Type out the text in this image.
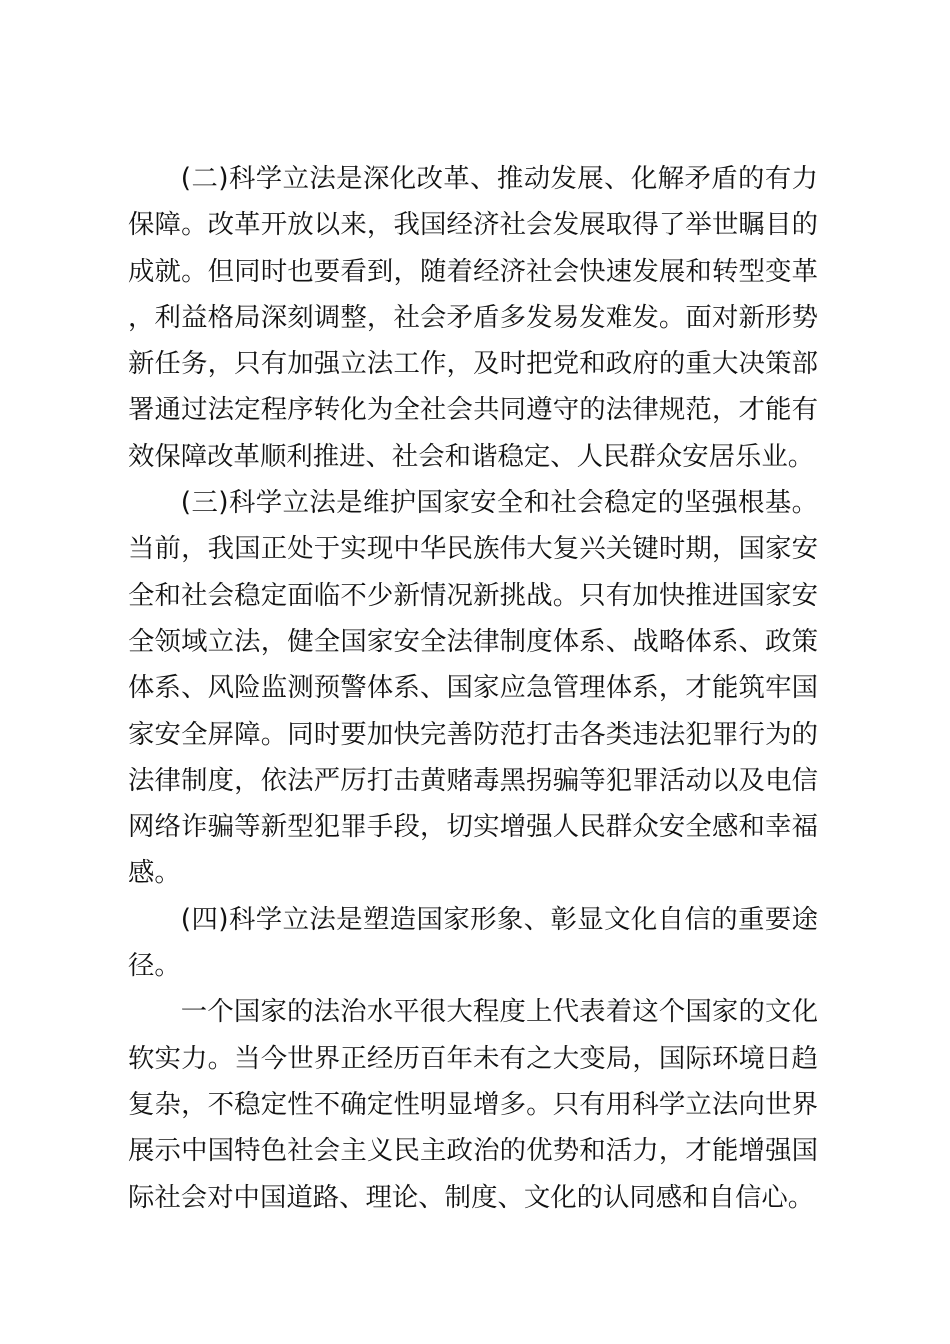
(二)科学立法是深化改革、推动发展、化解矛盾的有力保障。改革开放以来，我国经济社会发展取得了举世瞩目的成就。但同时也要看到，随着经济社会快速发展和转型变革，利益格局深刻调整，社会矛盾多发易发难发。面对新形势新任务，只有加强立法工作，及时把党和政府的重大决策部署通过法定程序转化为全社会共同遵守的法律规范，才能有效保障改革顺利推进、社会和谐稳定、人民群众安居乐业。

(三)科学立法是维护国家安全和社会稳定的坚强根基。当前，我国正处于实现中华民族伟大复兴关键时期，国家安全和社会稳定面临不少新情况新挑战。只有加快推进国家安全领域立法，健全国家安全法律制度体系、战略体系、政策体系、风险监测预警体系、国家应急管理体系，才能筑牢国家安全屏障。同时要加快完善防范打击各类违法犯罪行为的法律制度，依法严厉打击黄赌毒黑拐骗等犯罪活动以及电信网络诈骗等新型犯罪手段，切实增强人民群众安全感和幸福感。

(四)科学立法是塑造国家形象、彰显文化自信的重要途径。

一个国家的法治水平很大程度上代表着这个国家的文化软实力。当今世界正经历百年未有之大变局，国际环境日趋复杂，不稳定性不确定性明显增多。只有用科学立法向世界展示中国特色社会主义民主政治的优势和活力，才能增强国际社会对中国道路、理论、制度、文化的认同感和自信心。
